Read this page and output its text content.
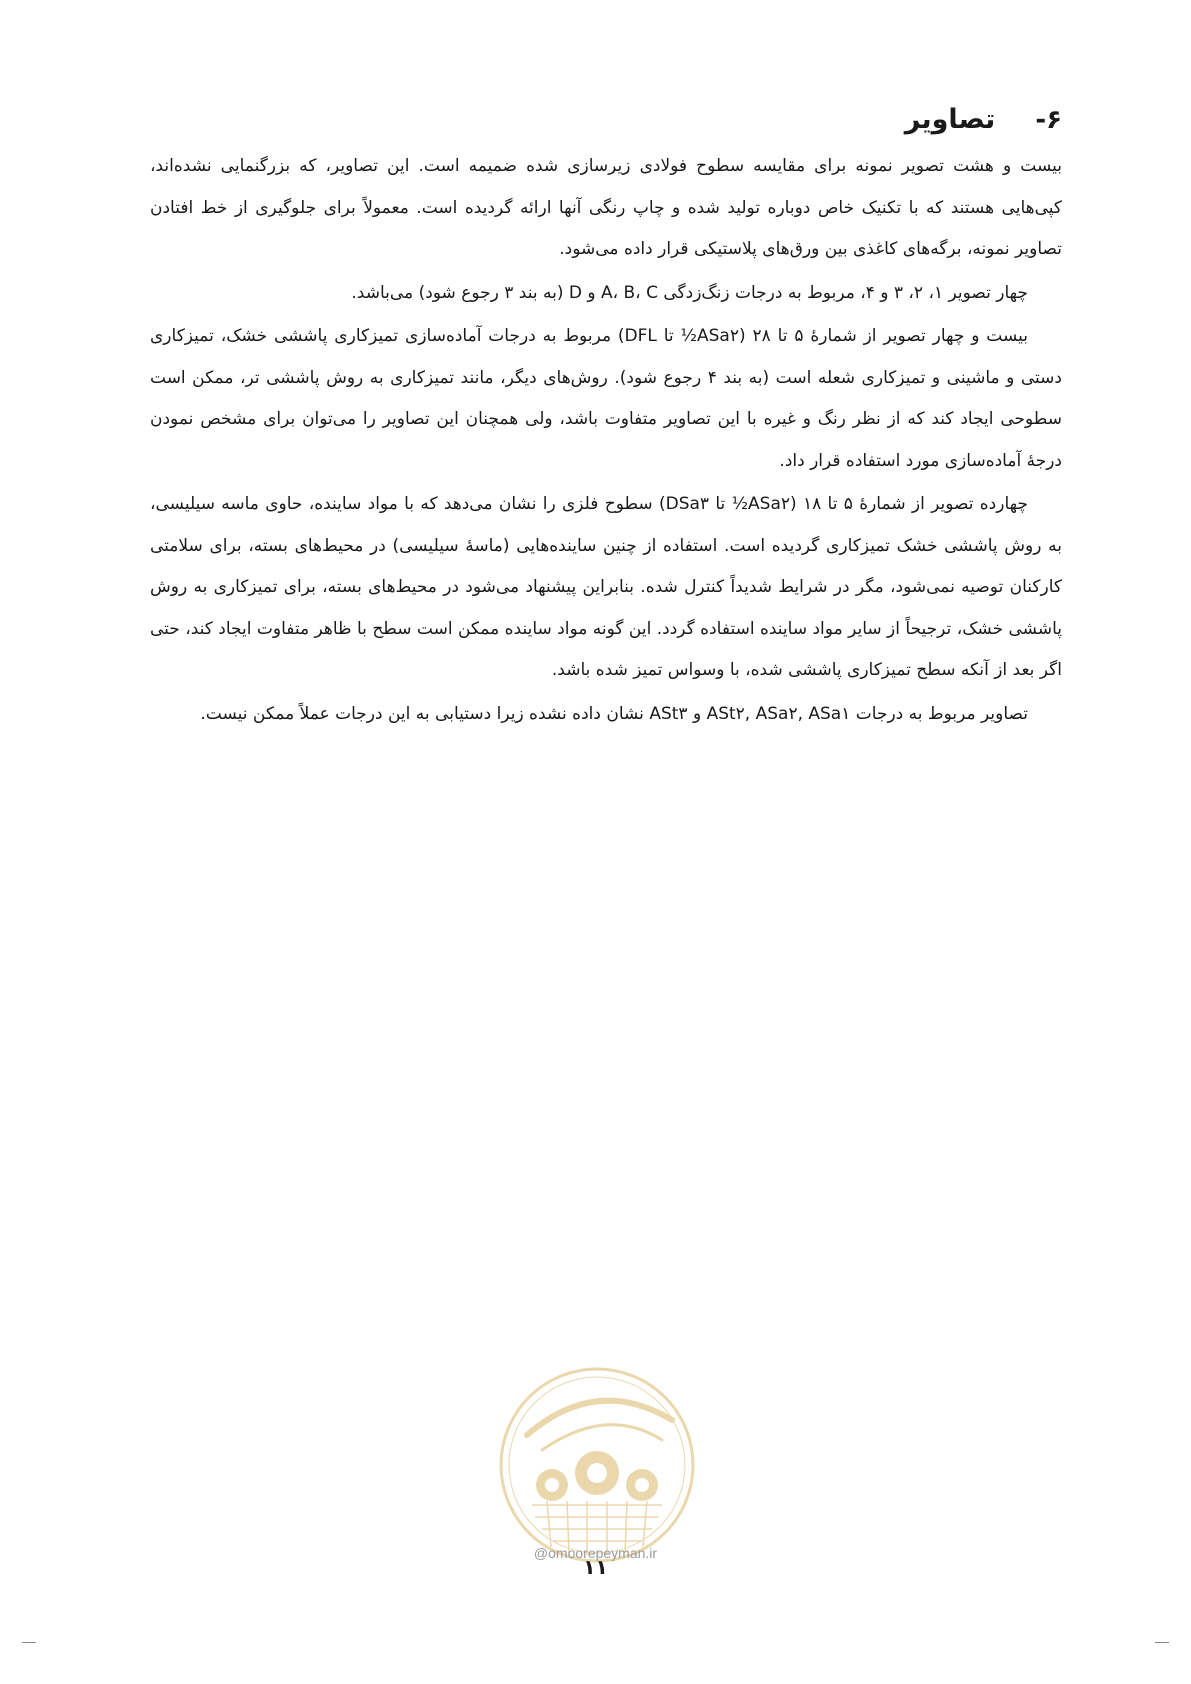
۶-
تصاویر

بیست و هشت تصویر نمونه برای مقایسه سطوح فولادی زیرسازی شده ضمیمه است. این تصاویر، که بزرگنمایی نشده‌اند، کپی‌هایی هستند که با تکنیک خاص دوباره تولید شده و چاپ رنگی آنها ارائه گردیده است. معمولاً برای جلوگیری از خط افتادن تصاویر نمونه، برگه‌های کاغذی بین ورق‌های پلاستیکی قرار داده می‌شود.

چهار تصویر ۱، ۲، ۳ و ۴، مربوط به درجات زنگ‌زدگی A، B، C و D (به بند ۳ رجوع شود) می‌باشد.

بیست و چهار تصویر از شمارهٔ ۵ تا ۲۸ (ASa۲½ تا DFL) مربوط به درجات آماده‌سازی تمیزکاری پاششی خشک، تمیزکاری دستی و ماشینی و تمیزکاری شعله است (به بند ۴ رجوع شود). روش‌های دیگر، مانند تمیزکاری به روش پاششی تر، ممکن است سطوحی ایجاد کند که از نظر رنگ و غیره با این تصاویر متفاوت باشد، ولی همچنان این تصاویر را می‌توان برای مشخص نمودن درجهٔ آماده‌سازی مورد استفاده قرار داد.

چهارده تصویر از شمارهٔ ۵ تا ۱۸ (ASa۲½ تا DSa۳) سطوح فلزی را نشان می‌دهد که با مواد ساینده، حاوی ماسه سیلیسی، به روش پاششی خشک تمیزکاری گردیده است. استفاده از چنین ساینده‌هایی (ماسهٔ سیلیسی) در محیط‌های بسته، برای سلامتی کارکنان توصیه نمی‌شود، مگر در شرایط شدیداً کنترل شده. بنابراین پیشنهاد می‌شود در محیط‌های بسته، برای تمیزکاری به روش پاششی خشک، ترجیحاً از سایر مواد ساینده استفاده گردد. این گونه مواد ساینده ممکن است سطح با ظاهر متفاوت ایجاد کند، حتی اگر بعد از آنکه سطح تمیزکاری پاششی شده، با وسواس تمیز شده باشد.

تصاویر مربوط به درجات ASt۲, ASa۲, ASa۱ و ASt۳ نشان داده نشده زیرا دستیابی به این درجات عملاً ممکن نیست.

@omoorepeyman.ir
۱۱
